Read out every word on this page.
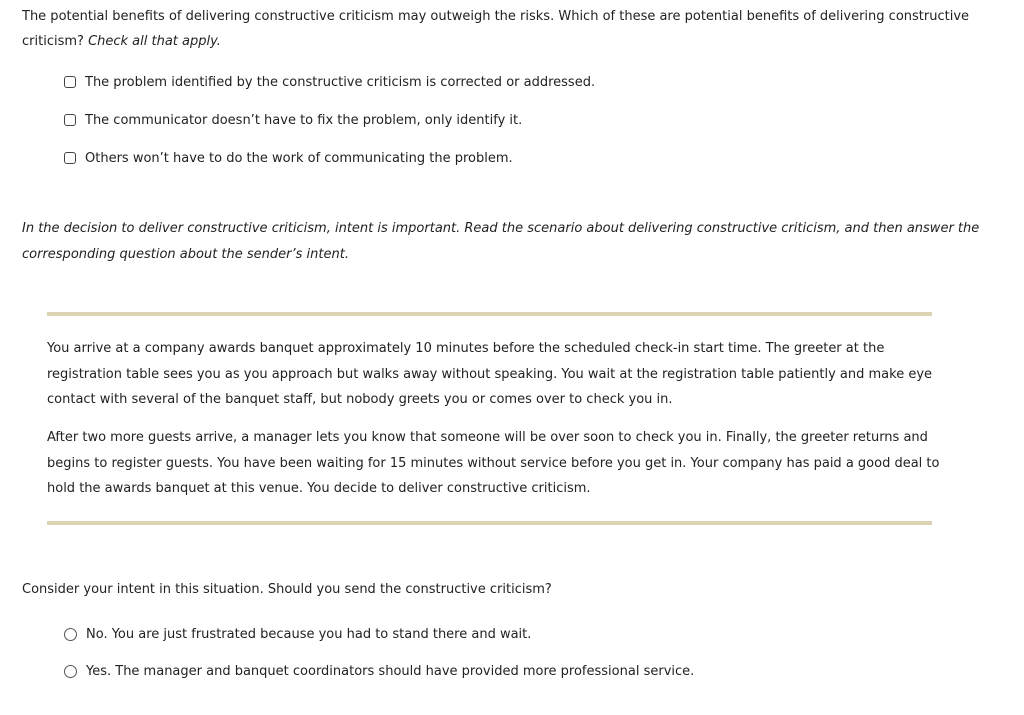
The potential benefits of delivering constructive criticism may outweigh the risks. Which of these are potential benefits of delivering constructive criticism? Check all that apply.

The problem identified by the constructive criticism is corrected or addressed.
The communicator doesn’t have to fix the problem, only identify it.
Others won’t have to do the work of communicating the problem.

In the decision to deliver constructive criticism, intent is important. Read the scenario about delivering constructive criticism, and then answer the corresponding question about the sender’s intent.

You arrive at a company awards banquet approximately 10 minutes before the scheduled check-in start time. The greeter at the registration table sees you as you approach but walks away without speaking. You wait at the registration table patiently and make eye contact with several of the banquet staff, but nobody greets you or comes over to check you in.

After two more guests arrive, a manager lets you know that someone will be over soon to check you in. Finally, the greeter returns and begins to register guests. You have been waiting for 15 minutes without service before you get in. Your company has paid a good deal to hold the awards banquet at this venue. You decide to deliver constructive criticism.

Consider your intent in this situation. Should you send the constructive criticism?

No. You are just frustrated because you had to stand there and wait.
Yes. The manager and banquet coordinators should have provided more professional service.
